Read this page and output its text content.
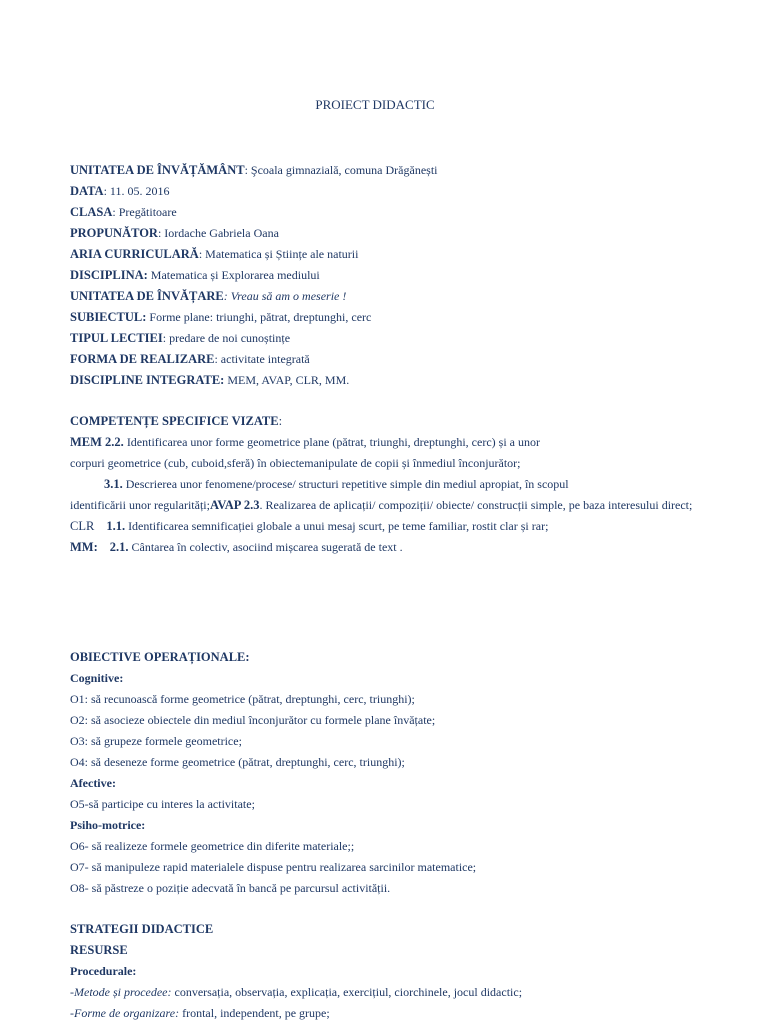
PROIECT DIDACTIC
UNITATEA DE ÎNVĂȚĂMÂNT: Şcoala gimnazială, comuna Drăgănești
DATA: 11. 05. 2016
CLASA: Pregătitoare
PROPUNĂTOR: Iordache Gabriela Oana
ARIA CURRICULARĂ: Matematica și Științe ale naturii
DISCIPLINA: Matematica și Explorarea mediului
UNITATEA DE ÎNVĂȚARE: Vreau să am o meserie !
SUBIECTUL: Forme plane: triunghi, pătrat, dreptunghi, cerc
TIPUL LECTIEI: predare de noi cunoștințe
FORMA DE REALIZARE: activitate integrată
DISCIPLINE INTEGRATE: MEM, AVAP, CLR, MM.
COMPETENȚE SPECIFICE VIZATE:
MEM 2.2. Identificarea unor forme geometrice plane (pătrat, triunghi, dreptunghi, cerc) și a unor
corpuri geometrice (cub, cuboid,sferă) în obiectemanipulate de copii și înmediul înconjurător;
3.1. Descrierea unor fenomene/procese/ structuri repetitive simple din mediul apropiat, în scopul
identificării unor regularități;AVAP 2.3. Realizarea de aplicații/ compoziții/ obiecte/ construcții simple, pe baza interesului direct;
CLR 1.1. Identificarea semnificației globale a unui mesaj scurt, pe teme familiar, rostit clar și rar;
MM: 2.1. Cântarea în colectiv, asociind mișcarea sugerată de text .
OBIECTIVE OPERAȚIONALE:
Cognitive:
O1: să recunoască forme geometrice (pătrat, dreptunghi, cerc, triunghi);
O2: să asocieze obiectele din mediul înconjurător cu formele plane învățate;
O3: să grupeze formele geometrice;
O4: să deseneze forme geometrice (pătrat, dreptunghi, cerc, triunghi);
Afective:
O5-să participe cu interes la activitate;
Psiho-motrice:
O6- să realizeze formele geometrice din diferite materiale;;
O7- să manipuleze rapid materialele dispuse pentru realizarea sarcinilor matematice;
O8- să păstreze o poziție adecvată în bancă pe parcursul activității.
STRATEGII DIDACTICE
RESURSE
Procedurale:
-Metode și procedee: conversația, observația, explicația, exercițiul, ciorchinele, jocul didactic;
-Forme de organizare: frontal, independent, pe grupe;
